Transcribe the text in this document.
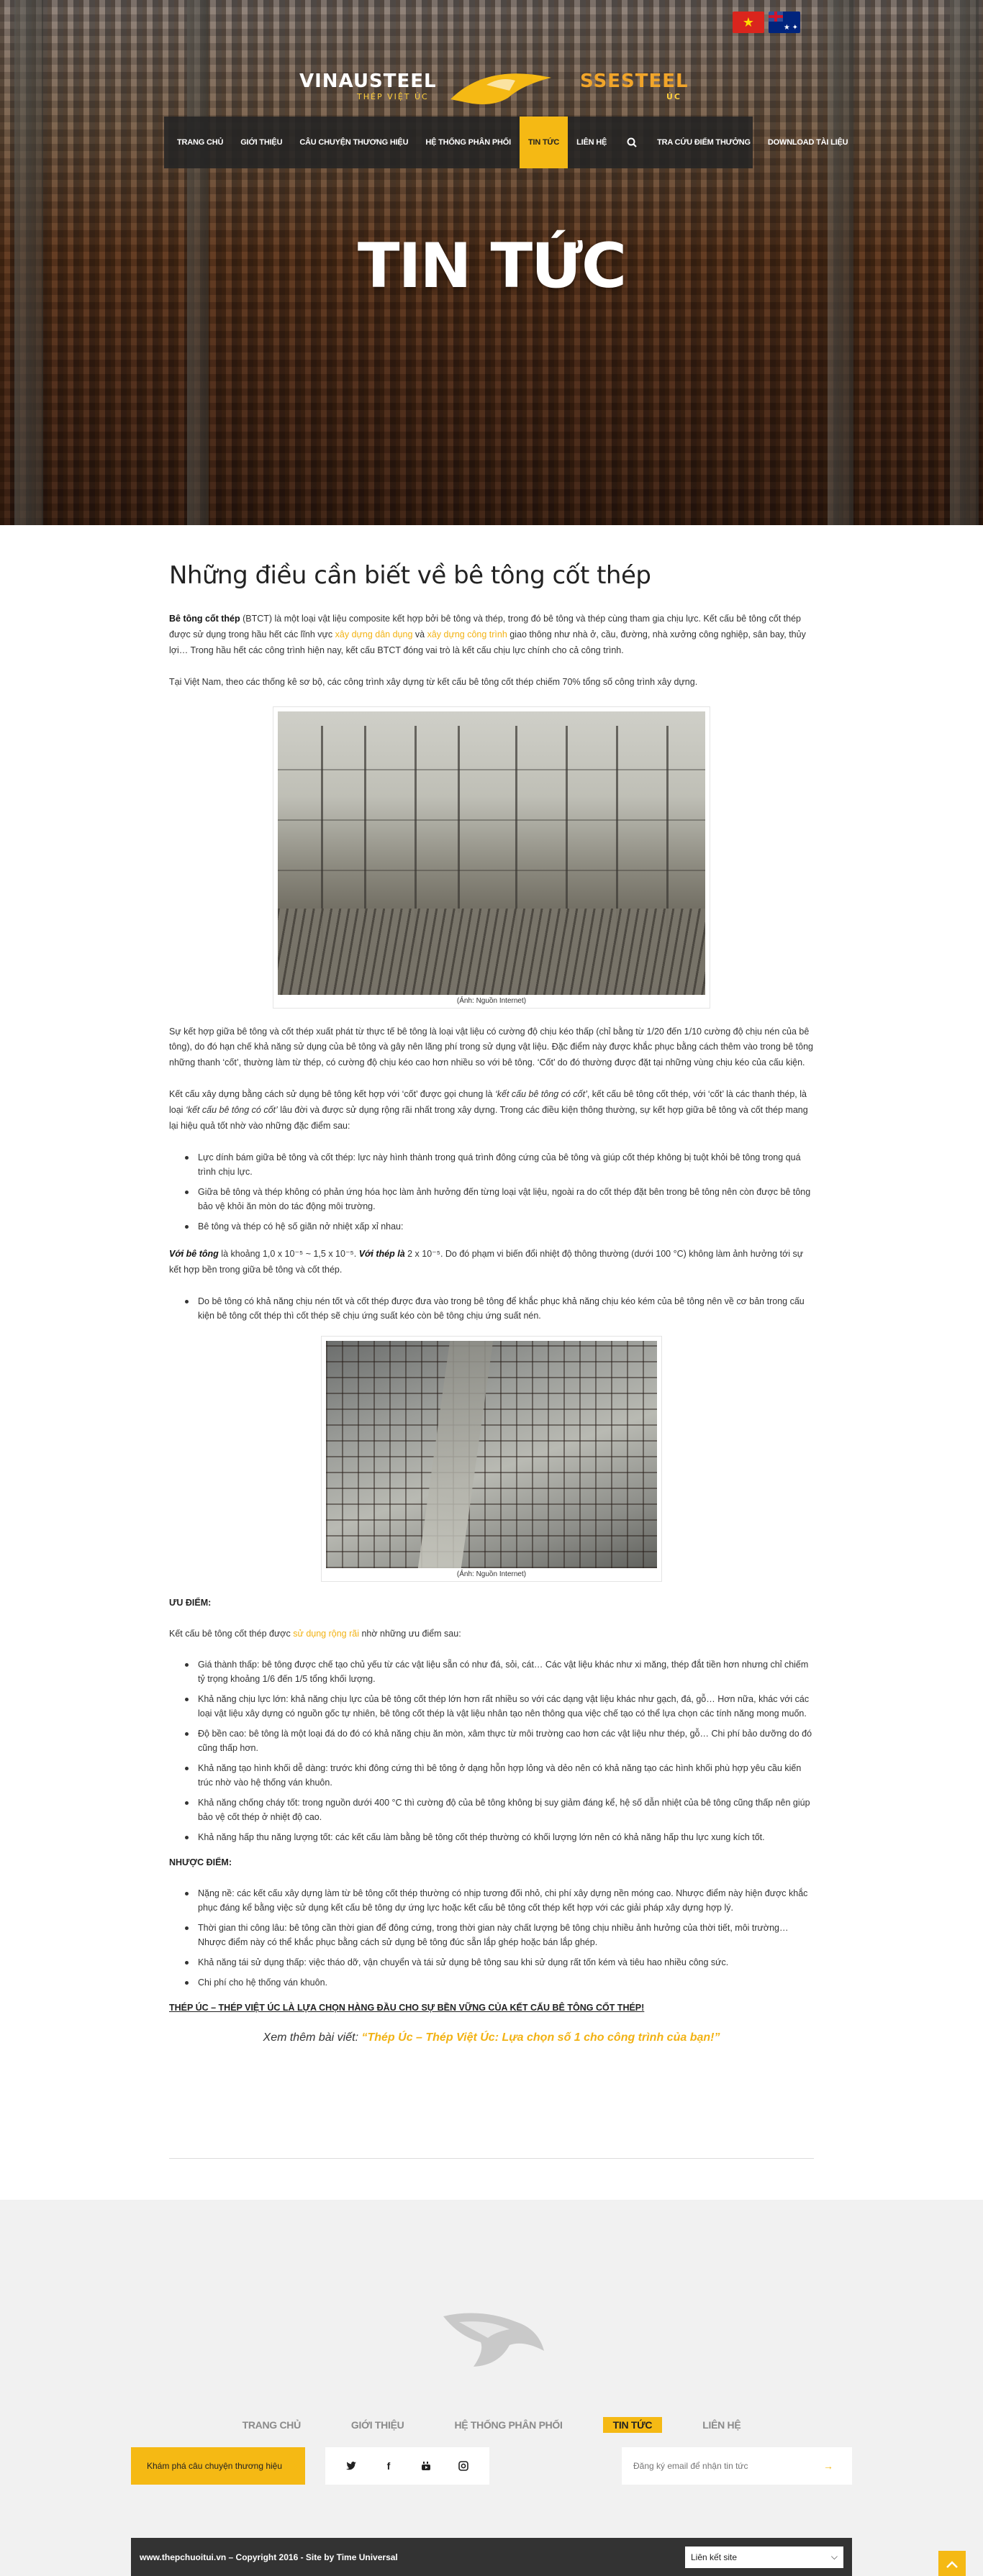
★
★ ✦
VINAUSTEEL
THÉP VIỆT ÚC
SSESTEEL
ÚC
TRANG CHỦ	GIỚI THIỆU	CÂU CHUYỆN THƯƠNG HIỆU	HỆ THỐNG PHÂN PHỐI	TIN TỨC	LIÊN HỆ	TRA CỨU ĐIỂM THƯỞNG	DOWNLOAD TÀI LIỆU
TIN TỨC
Những điều cần biết về bê tông cốt thép

Bê tông cốt thép (BTCT) là một loại vật liệu composite kết hợp bởi bê tông và thép, trong đó bê tông và thép cùng tham gia chịu lực. Kết cấu bê tông cốt thép được sử dụng trong hầu hết các lĩnh vực xây dựng dân dụng và xây dựng công trình giao thông như nhà ở, cầu, đường, nhà xưởng công nghiệp, sân bay, thủy lợi… Trong hầu hết các công trình hiện nay, kết cấu BTCT đóng vai trò là kết cấu chịu lực chính cho cả công trình.

Tại Việt Nam, theo các thống kê sơ bộ, các công trình xây dựng từ kết cấu bê tông cốt thép chiếm 70% tổng số công trình xây dựng.

(Ảnh: Nguồn Internet)

Sự kết hợp giữa bê tông và cốt thép xuất phát từ thực tế bê tông là loại vật liệu có cường độ chịu kéo thấp (chỉ bằng từ 1/20 đến 1/10 cường độ chịu nén của bê tông), do đó hạn chế khả năng sử dụng của bê tông và gây nên lãng phí trong sử dụng vật liệu. Đặc điểm này được khắc phục bằng cách thêm vào trong bê tông những thanh ‘cốt’, thường làm từ thép, có cường độ chịu kéo cao hơn nhiều so với bê tông. ‘Cốt’ do đó thường được đặt tại những vùng chịu kéo của cấu kiện.

Kết cấu xây dựng bằng cách sử dụng bê tông kết hợp với ‘cốt’ được gọi chung là ‘kết cấu bê tông có cốt’, kết cấu bê tông cốt thép, với ‘cốt’ là các thanh thép, là loại ‘kết cấu bê tông có cốt’ lâu đời và được sử dụng rộng rãi nhất trong xây dựng. Trong các điều kiện thông thường, sự kết hợp giữa bê tông và cốt thép mang lại hiệu quả tốt nhờ vào những đặc điểm sau:

Lực dính bám giữa bê tông và cốt thép: lực này hình thành trong quá trình đông cứng của bê tông và giúp cốt thép không bị tuột khỏi bê tông trong quá trình chịu lực.
Giữa bê tông và thép không có phản ứng hóa học làm ảnh hưởng đến từng loại vật liệu, ngoài ra do cốt thép đặt bên trong bê tông nên còn được bê tông bảo vệ khỏi ăn mòn do tác động môi trường.
Bê tông và thép có hệ số giãn nở nhiệt xấp xỉ nhau:

Với bê tông là khoảng 1,0 x 10⁻⁵ ~ 1,5 x 10⁻⁵. Với thép là 2 x 10⁻⁵. Do đó phạm vi biến đổi nhiệt độ thông thường (dưới 100 °C) không làm ảnh hưởng tới sự kết hợp bền trong giữa bê tông và cốt thép.

Do bê tông có khả năng chịu nén tốt và cốt thép được đưa vào trong bê tông để khắc phục khả năng chịu kéo kém của bê tông nên về cơ bản trong cấu kiện bê tông cốt thép thì cốt thép sẽ chịu ứng suất kéo còn bê tông chịu ứng suất nén.
(Ảnh: Nguồn Internet)
ƯU ĐIỂM:

Kết cấu bê tông cốt thép được sử dụng rộng rãi nhờ những ưu điểm sau:

Giá thành thấp: bê tông được chế tạo chủ yếu từ các vật liệu sẵn có như đá, sỏi, cát… Các vật liệu khác như xi măng, thép đắt tiền hơn nhưng chỉ chiếm tỷ trọng khoảng 1/6 đến 1/5 tổng khối lượng.
Khả năng chịu lực lớn: khả năng chịu lực của bê tông cốt thép lớn hơn rất nhiều so với các dạng vật liệu khác như gạch, đá, gỗ… Hơn nữa, khác với các loại vật liệu xây dựng có nguồn gốc tự nhiên, bê tông cốt thép là vật liệu nhân tạo nên thông qua việc chế tạo có thể lựa chọn các tính năng mong muốn.
Độ bền cao: bê tông là một loại đá do đó có khả năng chịu ăn mòn, xâm thực từ môi trường cao hơn các vật liệu như thép, gỗ… Chi phí bảo dưỡng do đó cũng thấp hơn.
Khả năng tạo hình khối dễ dàng: trước khi đông cứng thì bê tông ở dạng hỗn hợp lỏng và dẻo nên có khả năng tạo các hình khối phù hợp yêu cầu kiến trúc nhờ vào hệ thống ván khuôn.
Khả năng chống cháy tốt: trong nguồn dưới 400 °C thì cường độ của bê tông không bị suy giảm đáng kể, hệ số dẫn nhiệt của bê tông cũng thấp nên giúp bảo vệ cốt thép ở nhiệt độ cao.
Khả năng hấp thu năng lượng tốt: các kết cấu làm bằng bê tông cốt thép thường có khối lượng lớn nên có khả năng hấp thu lực xung kích tốt.
NHƯỢC ĐIỂM:
Nặng nề: các kết cấu xây dựng làm từ bê tông cốt thép thường có nhịp tương đối nhỏ, chi phí xây dựng nền móng cao. Nhược điểm này hiện được khắc phục đáng kể bằng việc sử dụng kết cấu bê tông dự ứng lực hoặc kết cấu bê tông cốt thép kết hợp với các giải pháp xây dựng hợp lý.
Thời gian thi công lâu: bê tông cần thời gian để đông cứng, trong thời gian này chất lượng bê tông chịu nhiều ảnh hưởng của thời tiết, môi trường… Nhược điểm này có thể khắc phục bằng cách sử dụng bê tông đúc sẵn lắp ghép hoặc bán lắp ghép.
Khả năng tái sử dụng thấp: việc tháo dỡ, vận chuyển và tái sử dụng bê tông sau khi sử dụng rất tốn kém và tiêu hao nhiều công sức.
Chi phí cho hệ thống ván khuôn.
THÉP ÚC – THÉP VIỆT ÚC LÀ LỰA CHỌN HÀNG ĐẦU CHO SỰ BỀN VỮNG CỦA KẾT CẤU BÊ TÔNG CỐT THÉP!
Xem thêm bài viết: “Thép Úc – Thép Việt Úc: Lựa chọn số 1 cho công trình của bạn!”
TRANG CHỦ	GIỚI THIỆU	HỆ THỐNG PHÂN PHỐI	TIN TỨC	LIÊN HỆ
Khám phá câu chuyện thương hiệu	f
Đăng ký email để nhận tin tức	→
www.thepchuoitui.vn – Copyright 2016 - Site by Time Universal	Liên kết site	⌵
